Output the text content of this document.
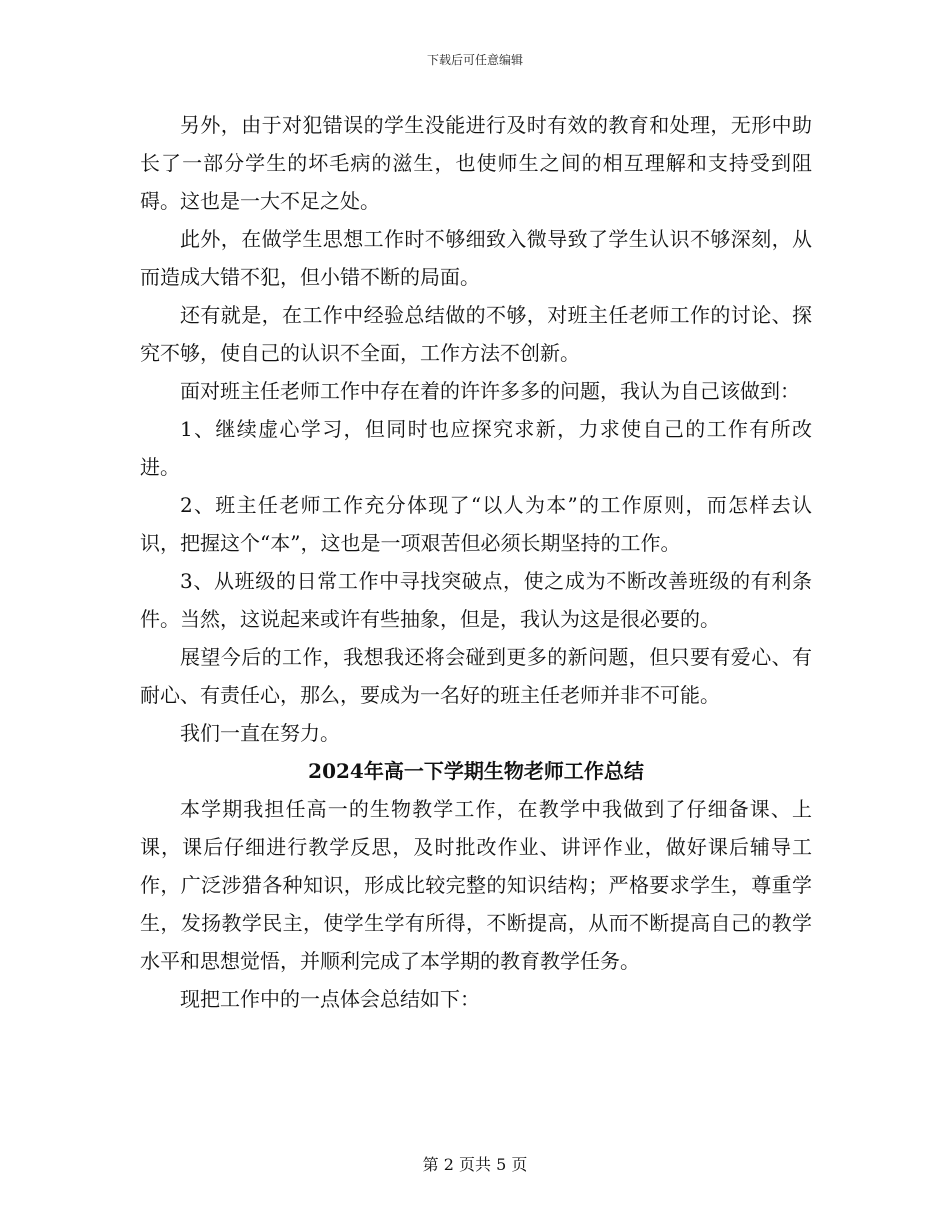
下载后可任意编辑

另外，由于对犯错误的学生没能进行及时有效的教育和处理，无形中助长了一部分学生的坏毛病的滋生，也使师生之间的相互理解和支持受到阻碍。这也是一大不足之处。

此外，在做学生思想工作时不够细致入微导致了学生认识不够深刻，从而造成大错不犯，但小错不断的局面。

还有就是，在工作中经验总结做的不够，对班主任老师工作的讨论、探究不够，使自己的认识不全面，工作方法不创新。

面对班主任老师工作中存在着的许许多多的问题，我认为自己该做到：

1、继续虚心学习，但同时也应探究求新，力求使自己的工作有所改进。

2、班主任老师工作充分体现了“以人为本”的工作原则，而怎样去认识，把握这个“本”，这也是一项艰苦但必须长期坚持的工作。

3、从班级的日常工作中寻找突破点，使之成为不断改善班级的有利条件。当然，这说起来或许有些抽象，但是，我认为这是很必要的。

展望今后的工作，我想我还将会碰到更多的新问题，但只要有爱心、有耐心、有责任心，那么，要成为一名好的班主任老师并非不可能。

我们一直在努力。

2024年高一下学期生物老师工作总结

本学期我担任高一的生物教学工作，在教学中我做到了仔细备课、上课，课后仔细进行教学反思，及时批改作业、讲评作业，做好课后辅导工作，广泛涉猎各种知识，形成比较完整的知识结构；严格要求学生，尊重学生，发扬教学民主，使学生学有所得，不断提高，从而不断提高自己的教学水平和思想觉悟，并顺利完成了本学期的教育教学任务。

现把工作中的一点体会总结如下：

第 2 页共 5 页
